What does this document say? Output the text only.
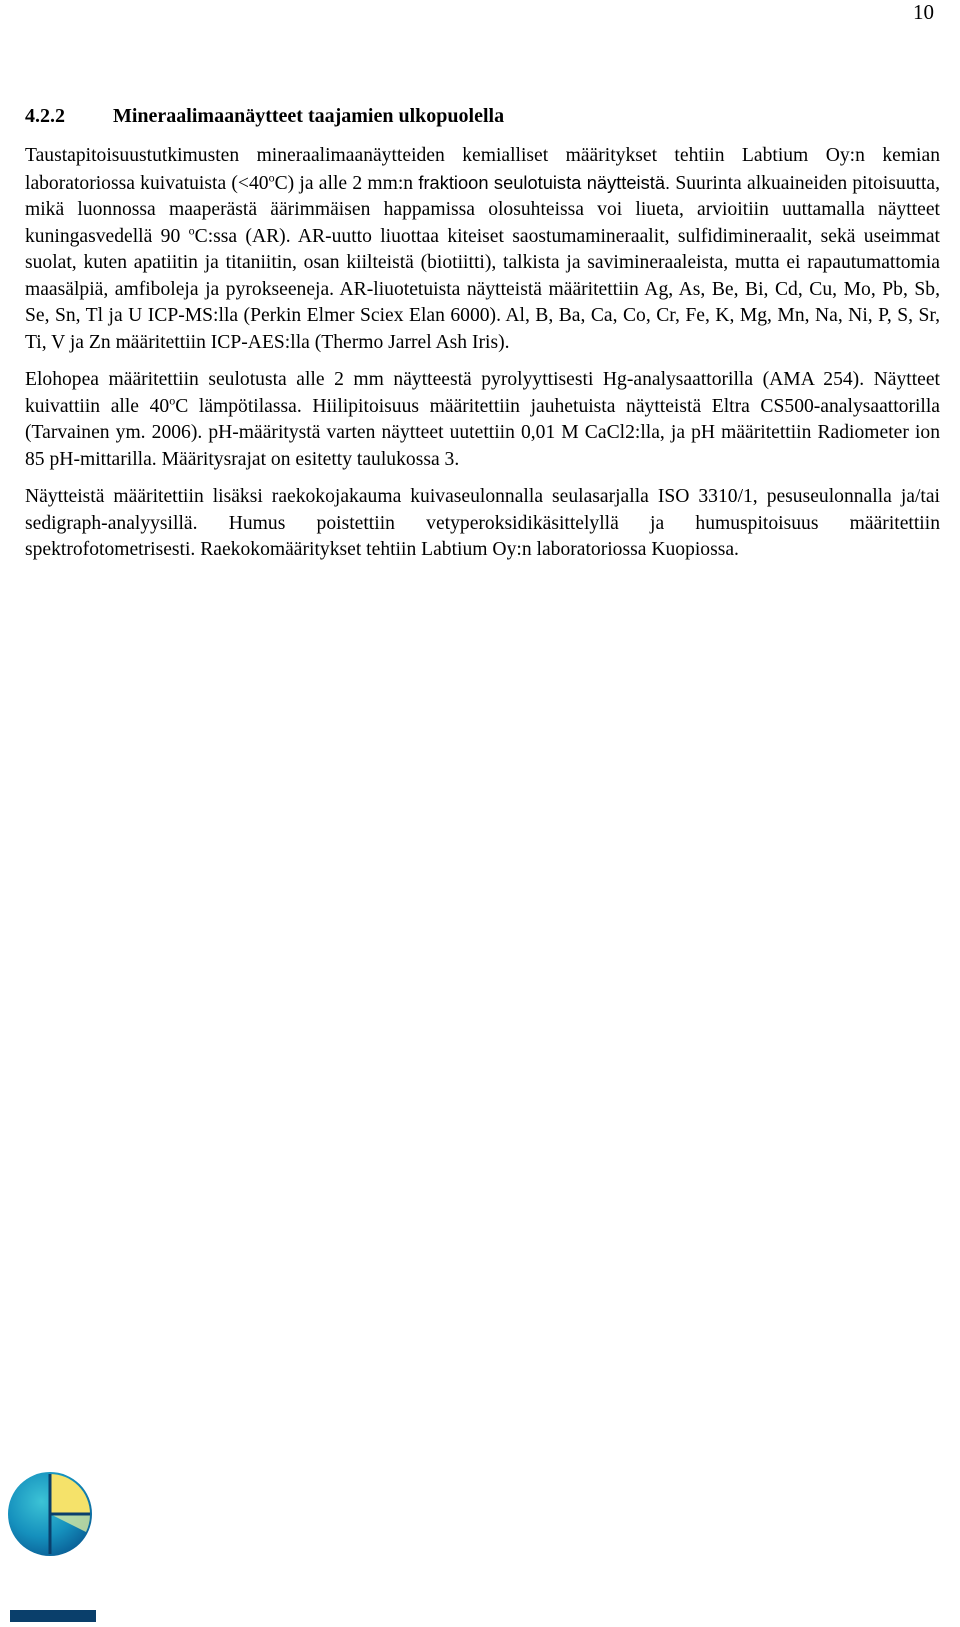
10
4.2.2	Mineraalimaanäytteet taajamien ulkopuolella

Taustapitoisuustutkimusten mineraalimaanäytteiden kemialliset määritykset tehtiin Labtium Oy:n kemian laboratoriossa kuivatuista $(<40^oC)$ ja alle 2 mm:n fraktioon seulotuista näytteistä. Suurinta alkuaineiden pitoisuutta, mikä luonnossa maaperästä äärimmäisen happamissa olosuhteissa voi liueta, arvioitiin uuttamalla näytteet kuningasvedellä 90 $^o$C:ssa (AR). AR-uutto liuottaa kiteiset saostumamineraalit, sulfidimineraalit, sekä useimmat suolat, kuten apatiitin ja titaniitin, osan kiilteistä (biotiitti), talkista ja savimineraaleista, mutta ei rapautumattomia maasälpiä, amfiboleja ja pyrokseeneja. AR-liuotetuista näytteistä määritettiin Ag, As, Be, Bi, Cd, Cu, Mo, Pb, Sb, Se, Sn, Tl ja U ICP-MS:lla (Perkin Elmer Sciex Elan 6000). Al, B, Ba, Ca, Co, Cr, Fe, K, Mg, Mn, Na, Ni, P, S, Sr, Ti, V ja Zn määritettiin ICP-AES:lla (Thermo Jarrel Ash Iris).

Elohopea määritettiin seulotusta alle 2 mm näytteestä pyrolyyttisesti Hg-analysaattorilla (AMA 254). Näytteet kuivattiin alle 40$^o$C lämpötilassa. Hiilipitoisuus määritettiin jauhetuista näytteistä Eltra CS500-analysaattorilla (Tarvainen ym. 2006). pH-määritystä varten näytteet uutettiin 0,01 M CaCl2:lla, ja pH määritettiin Radiometer ion 85 pH-mittarilla. Määritysrajat on esitetty taulukossa 3.

Näytteistä määritettiin lisäksi raekokojakauma kuivaseulonnalla seulasarjalla ISO 3310/1, pesuseulonnalla ja/tai sedigraph-analyysillä. Humus poistettiin vetyperoksidikäsittelyllä ja humuspitoisuus määritettiin spektrofotometrisesti. Raekokomääritykset tehtiin Labtium Oy:n laboratoriossa Kuopiossa.
